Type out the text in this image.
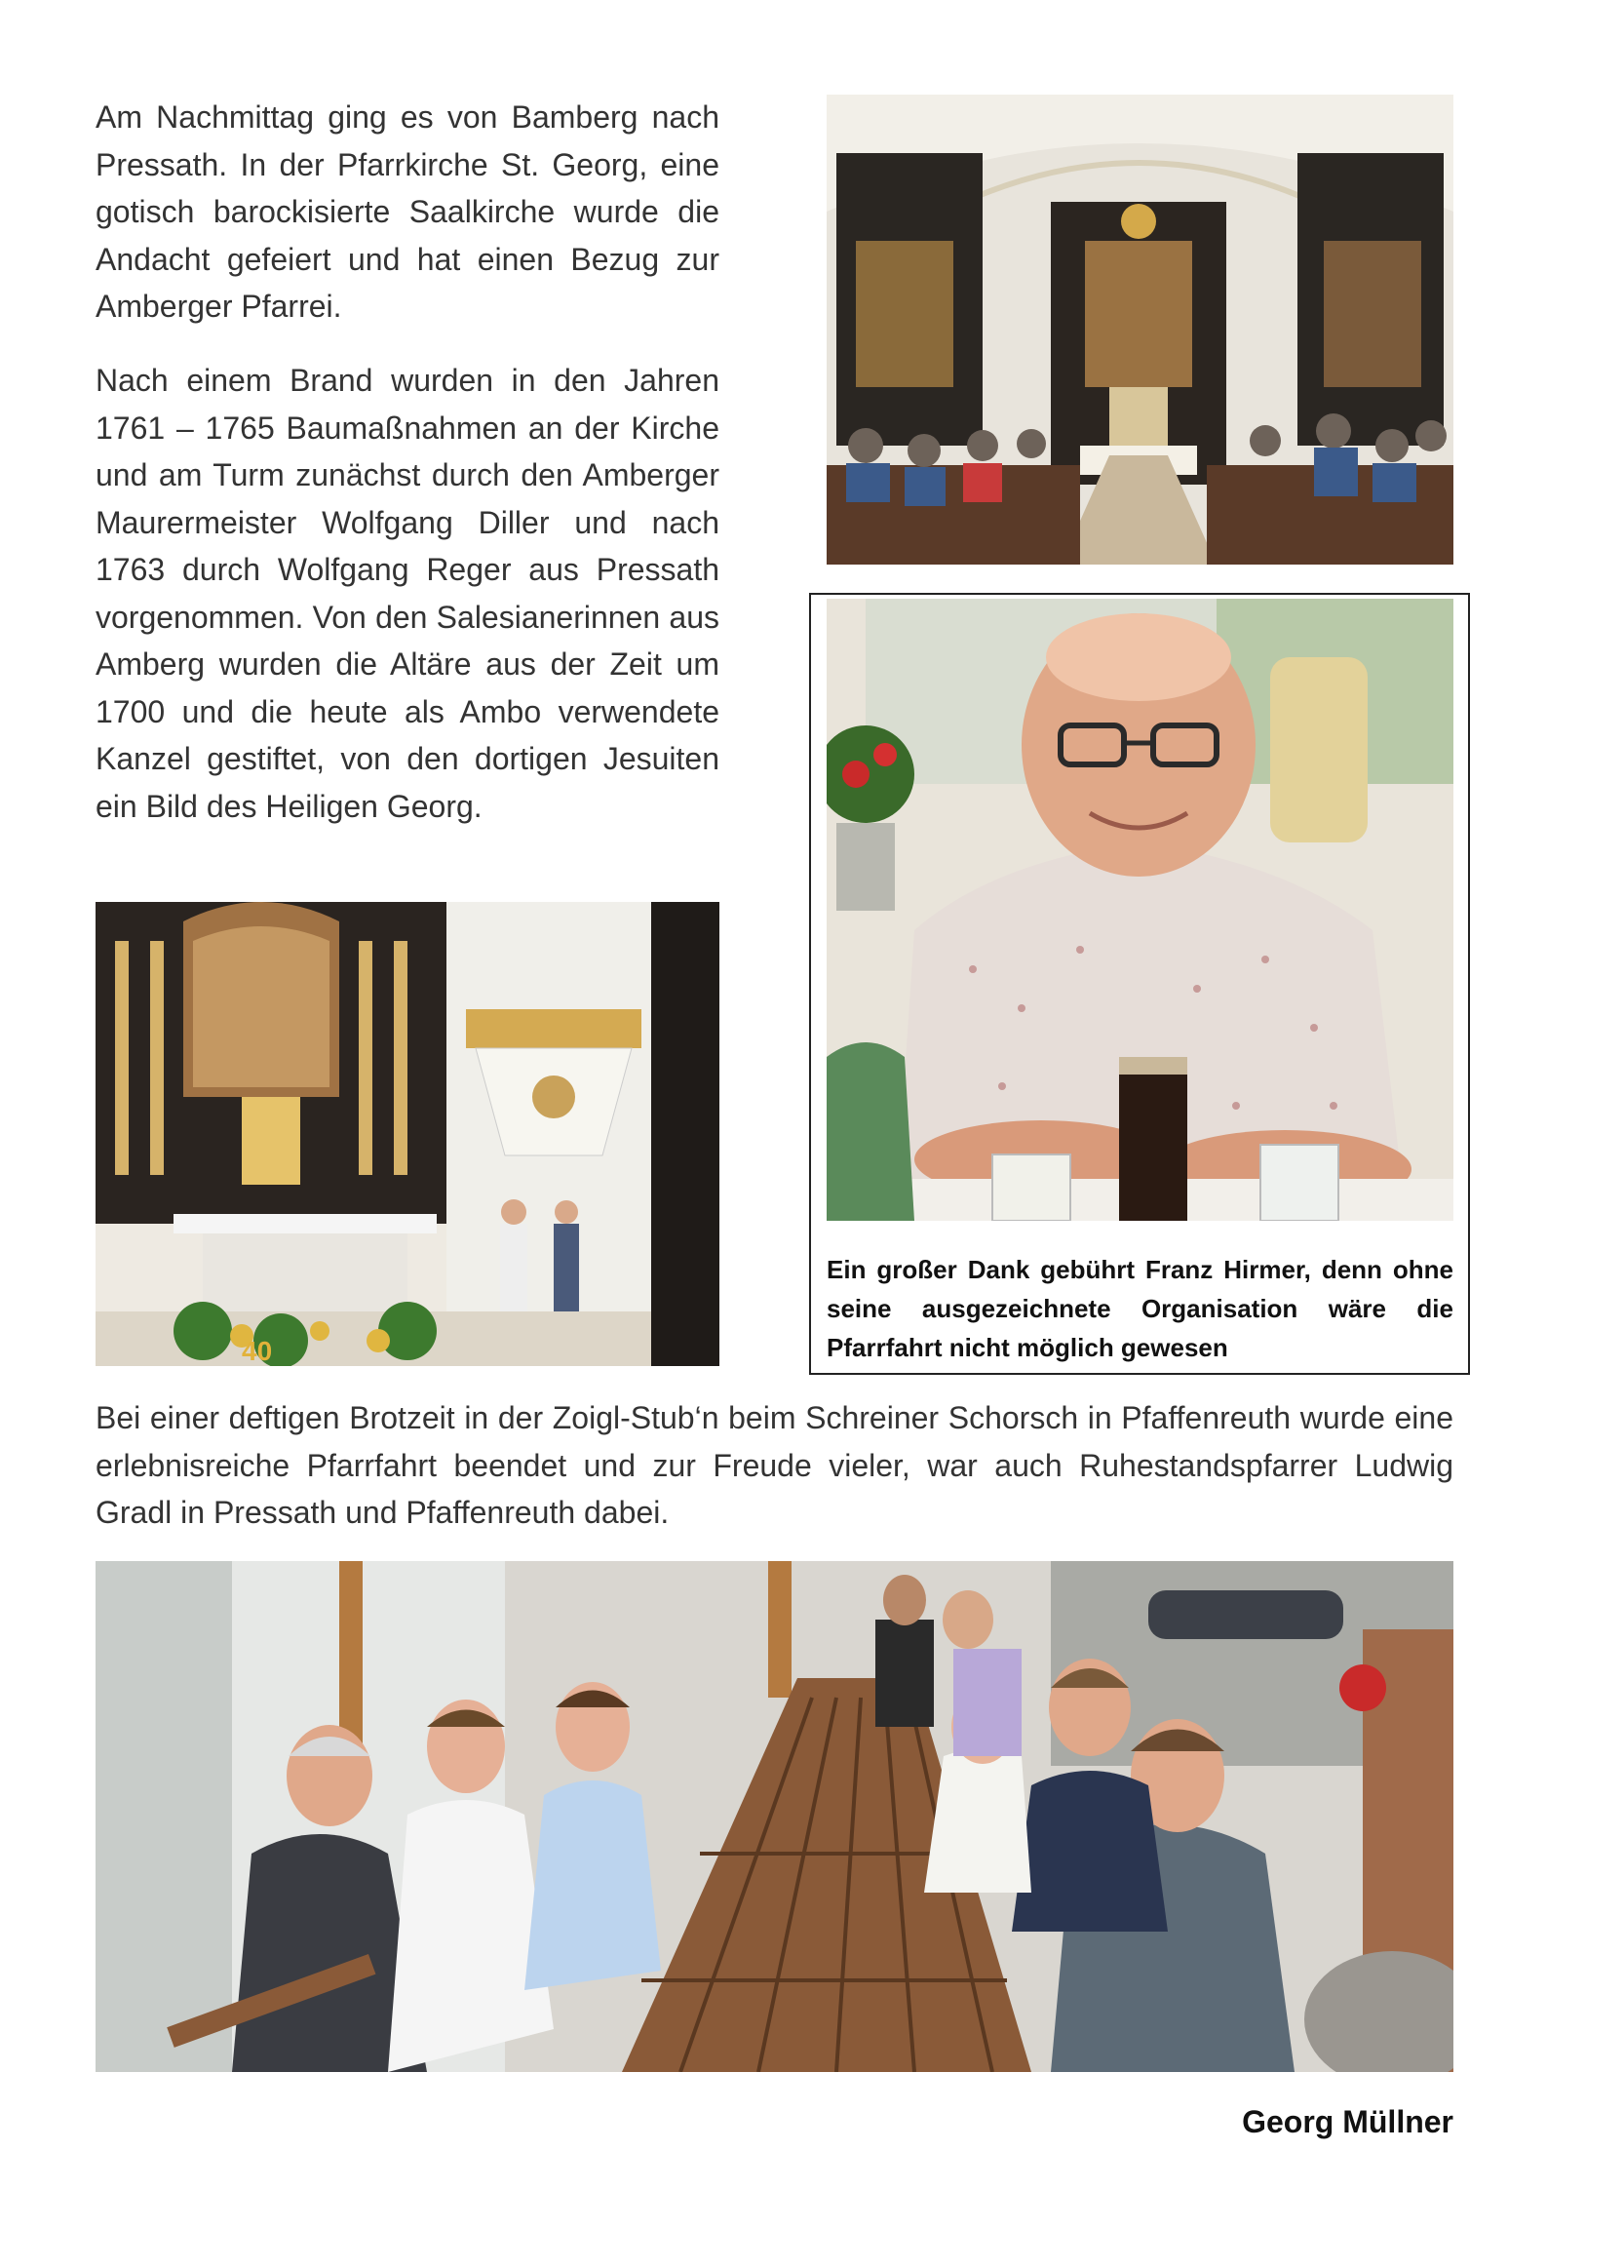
Am Nachmittag ging es von Bamberg nach Pressath. In der Pfarrkirche St. Georg, eine gotisch barockisierte Saalkirche wurde die Andacht gefeiert und hat einen Bezug zur Amberger Pfarrei.

Nach einem Brand wurden in den Jahren 1761 – 1765 Baumaßnahmen an der Kirche und am Turm zunächst durch den Amberger Maurermeister Wolfgang Diller und nach 1763 durch Wolfgang Reger aus Pressath vorgenommen. Von den Salesianerinnen aus Amberg wurden die Altäre aus der Zeit um 1700 und die heute als Ambo verwendete Kanzel gestiftet, von den dortigen Jesuiten ein Bild des Heiligen Georg.

40

Ein großer Dank gebührt Franz Hirmer, denn ohne seine ausgezeichnete Organisation wäre die Pfarrfahrt nicht möglich gewesen

Bei einer deftigen Brotzeit in der Zoigl-Stub‘n beim Schreiner Schorsch in Pfaffenreuth wurde eine erlebnisreiche Pfarrfahrt beendet und zur Freude vieler, war auch Ruhestandspfarrer Ludwig Gradl in Pressath und Pfaffenreuth dabei.

Georg Müllner
